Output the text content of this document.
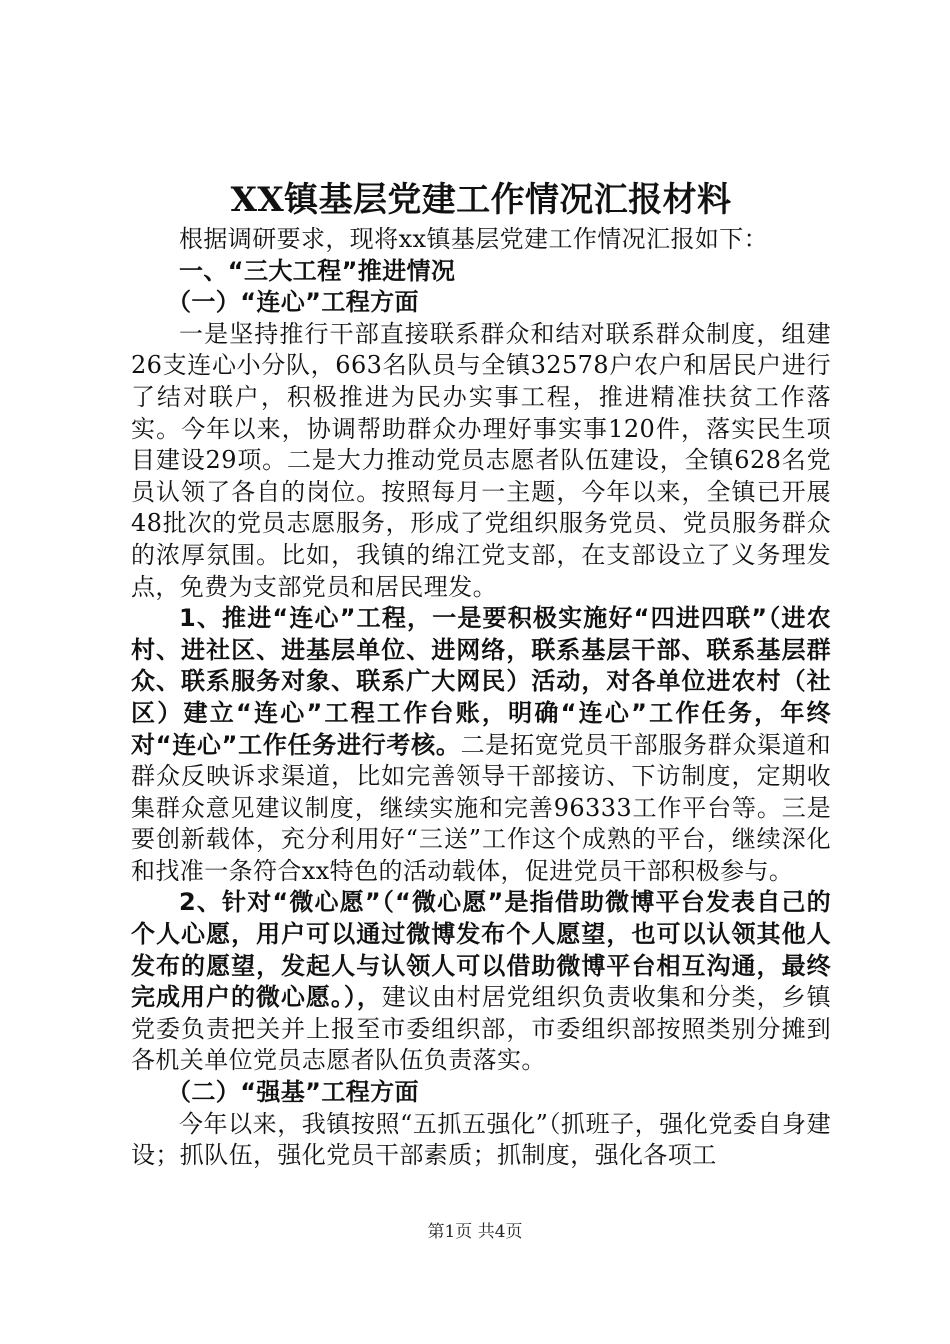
XX镇基层党建工作情况汇报材料

根据调研要求，现将xx镇基层党建工作情况汇报如下：

一、“三大工程”推进情况

（一）“连心”工程方面

一是坚持推行干部直接联系群众和结对联系群众制度，组建26支连心小分队，663名队员与全镇32578户农户和居民户进行了结对联户，积极推进为民办实事工程，推进精准扶贫工作落实。今年以来，协调帮助群众办理好事实事120件，落实民生项目建设29项。二是大力推动党员志愿者队伍建设，全镇628名党员认领了各自的岗位。按照每月一主题，今年以来，全镇已开展48批次的党员志愿服务，形成了党组织服务党员、党员服务群众的浓厚氛围。比如，我镇的绵江党支部，在支部设立了义务理发点，免费为支部党员和居民理发。

1、推进“连心”工程，一是要积极实施好“四进四联”（进农村、进社区、进基层单位、进网络，联系基层干部、联系基层群众、联系服务对象、联系广大网民）活动，对各单位进农村（社区）建立“连心”工程工作台账，明确“连心”工作任务，年终对“连心”工作任务进行考核。二是拓宽党员干部服务群众渠道和群众反映诉求渠道，比如完善领导干部接访、下访制度，定期收集群众意见建议制度，继续实施和完善96333工作平台等。三是要创新载体，充分利用好“三送”工作这个成熟的平台，继续深化和找准一条符合xx特色的活动载体，促进党员干部积极参与。

2、针对“微心愿”（“微心愿”是指借助微博平台发表自己的个人心愿，用户可以通过微博发布个人愿望，也可以认领其他人发布的愿望，发起人与认领人可以借助微博平台相互沟通，最终完成用户的微心愿。），建议由村居党组织负责收集和分类，乡镇党委负责把关并上报至市委组织部，市委组织部按照类别分摊到各机关单位党员志愿者队伍负责落实。

（二）“强基”工程方面

今年以来，我镇按照“五抓五强化”（抓班子，强化党委自身建设；抓队伍，强化党员干部素质；抓制度，强化各项工

第1页 共4页
